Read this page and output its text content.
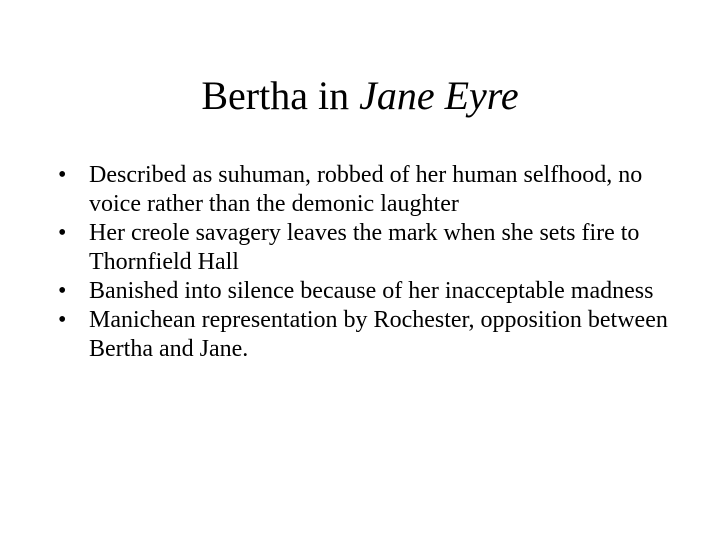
Bertha in Jane Eyre
• Described as suhuman, robbed of her human selfhood, no voice rather than the demonic laughter
• Her creole savagery leaves the mark when she sets fire to Thornfield Hall
• Banished into silence because of her inacceptable madness
• Manichean representation by Rochester, opposition between Bertha and Jane.
